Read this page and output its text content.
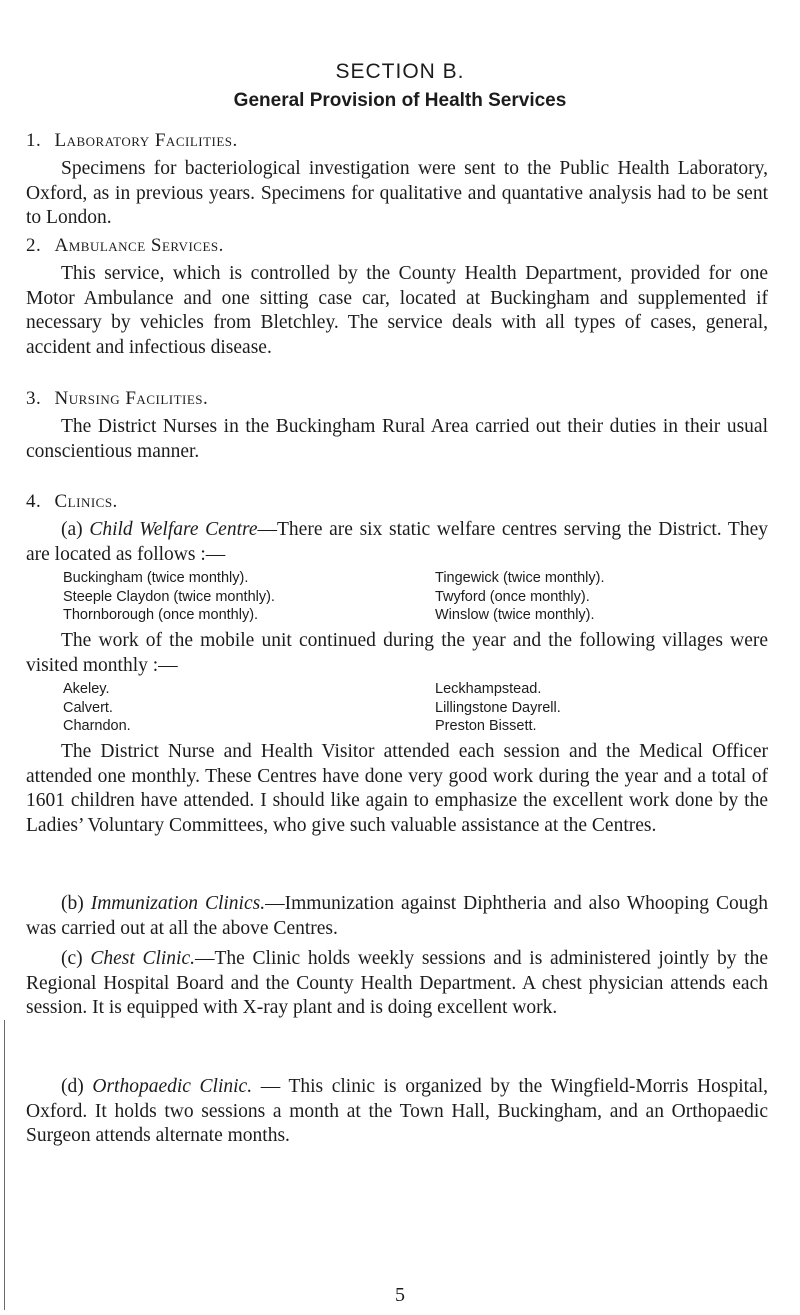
SECTION B.
General Provision of Health Services
1. Laboratory Facilities.

Specimens for bacteriological investigation were sent to the Public Health Laboratory, Oxford, as in previous years. Specimens for qualitative and quantative analysis had to be sent to London.

2. Ambulance Services.

This service, which is controlled by the County Health Department, provided for one Motor Ambulance and one sitting case car, located at Buckingham and supplemented if necessary by vehicles from Bletchley. The service deals with all types of cases, general, accident and infectious disease.

3. Nursing Facilities.

The District Nurses in the Buckingham Rural Area carried out their duties in their usual conscientious manner.

4. Clinics.

(a) Child Welfare Centre—There are six static welfare centres serving the District. They are located as follows :—

Buckingham (twice monthly).
Steeple Claydon (twice monthly).
Thornborough (once monthly).
Tingewick (twice monthly).
Twyford (once monthly).
Winslow (twice monthly).

The work of the mobile unit continued during the year and the following villages were visited monthly :—

Akeley.
Calvert.
Charndon.
Leckhampstead.
Lillingstone Dayrell.
Preston Bissett.

The District Nurse and Health Visitor attended each session and the Medical Officer attended one monthly. These Centres have done very good work during the year and a total of 1601 children have attended. I should like again to emphasize the excellent work done by the Ladies’ Voluntary Committees, who give such valuable assistance at the Centres.

(b) Immunization Clinics.—Immunization against Diphtheria and also Whooping Cough was carried out at all the above Centres.

(c) Chest Clinic.—The Clinic holds weekly sessions and is administered jointly by the Regional Hospital Board and the County Health Department. A chest physician attends each session. It is equipped with X-ray plant and is doing excellent work.

(d) Orthopaedic Clinic. — This clinic is organized by the Wingfield-Morris Hospital, Oxford. It holds two sessions a month at the Town Hall, Buckingham, and an Orthopaedic Surgeon attends alternate months.

5
